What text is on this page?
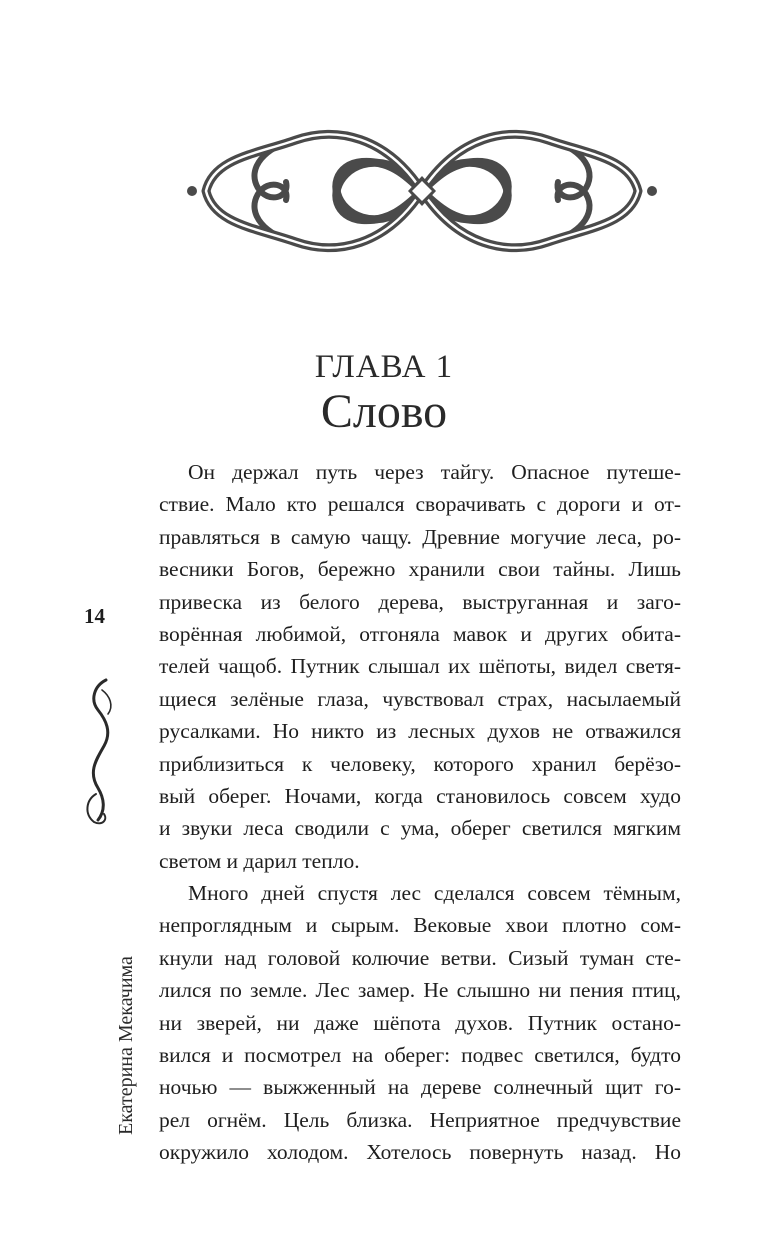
ГЛАВА 1
Слово
14
Екатерина Мекачима
Он держал путь через тайгу. Опасное путеше-
ствие. Мало кто решался сворачивать с дороги и от-
правляться в самую чащу. Древние могучие леса, ро-
весники Богов, бережно хранили свои тайны. Лишь
привеска из белого дерева, выструганная и заго-
ворённая любимой, отгоняла мавок и других обита-
телей чащоб. Путник слышал их шёпоты, видел светя-
щиеся зелёные глаза, чувствовал страх, насылаемый
русалками. Но никто из лесных духов не отважился
приблизиться к человеку, которого хранил берёзо-
вый оберег. Ночами, когда становилось совсем худо
и звуки леса сводили с ума, оберег светился мягким
светом и дарил тепло.
Много дней спустя лес сделался совсем тёмным,
непроглядным и сырым. Вековые хвои плотно сом-
кнули над головой колючие ветви. Сизый туман сте-
лился по земле. Лес замер. Не слышно ни пения птиц,
ни зверей, ни даже шёпота духов. Путник остано-
вился и посмотрел на оберег: подвес светился, будто
ночью — выжженный на дереве солнечный щит го-
рел огнём. Цель близка. Неприятное предчувствие
окружило холодом. Хотелось повернуть назад. Но
